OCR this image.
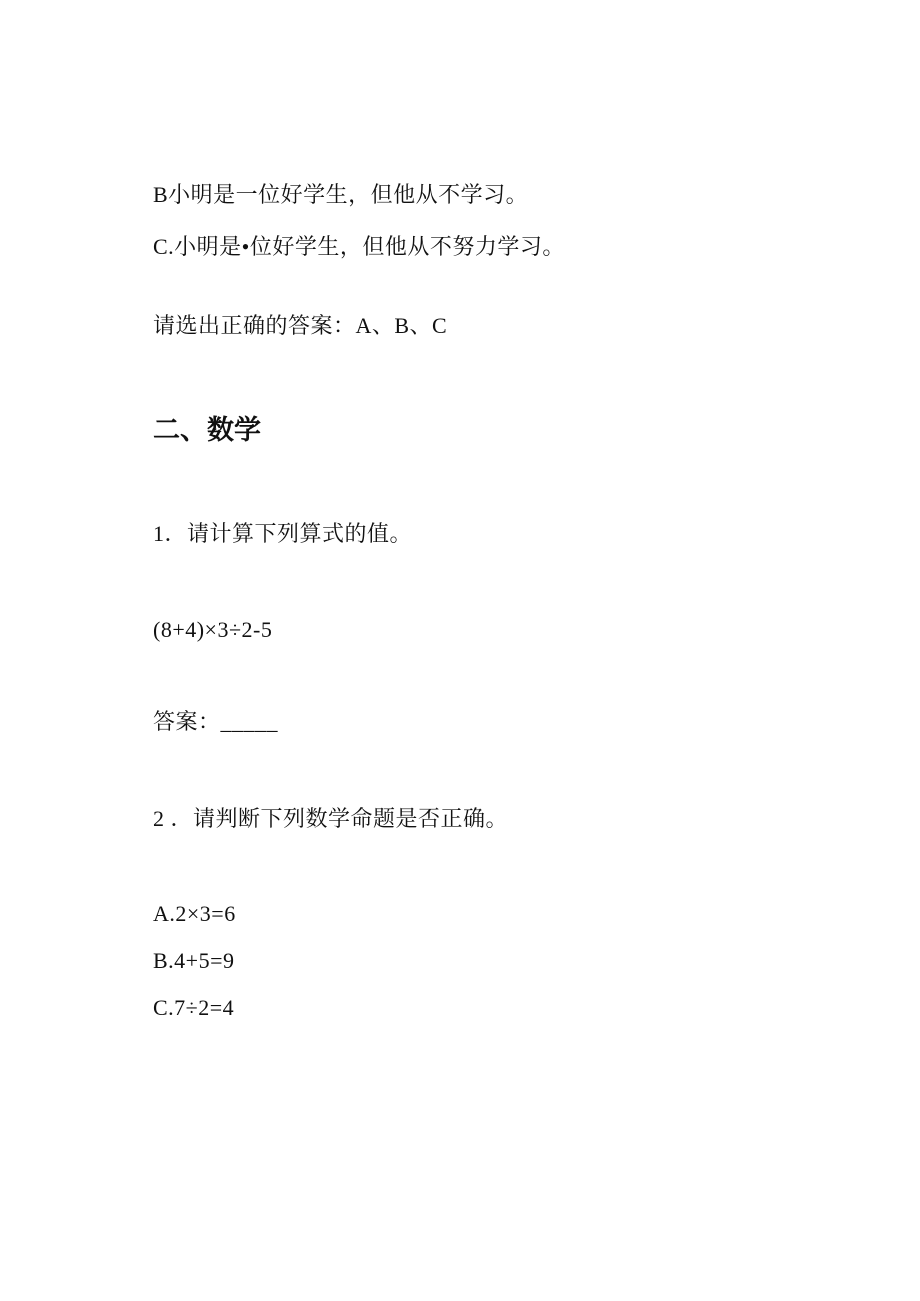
B小明是一位好学生，但他从不学习。
C.小明是•位好学生，但他从不努力学习。
请选出正确的答案：A、B、C
二、数学
1．请计算下列算式的值。
(8+4)×3÷2-5
答案：_____
2 ．请判断下列数学命题是否正确。
A.2×3=6
B.4+5=9
C.7÷2=4
